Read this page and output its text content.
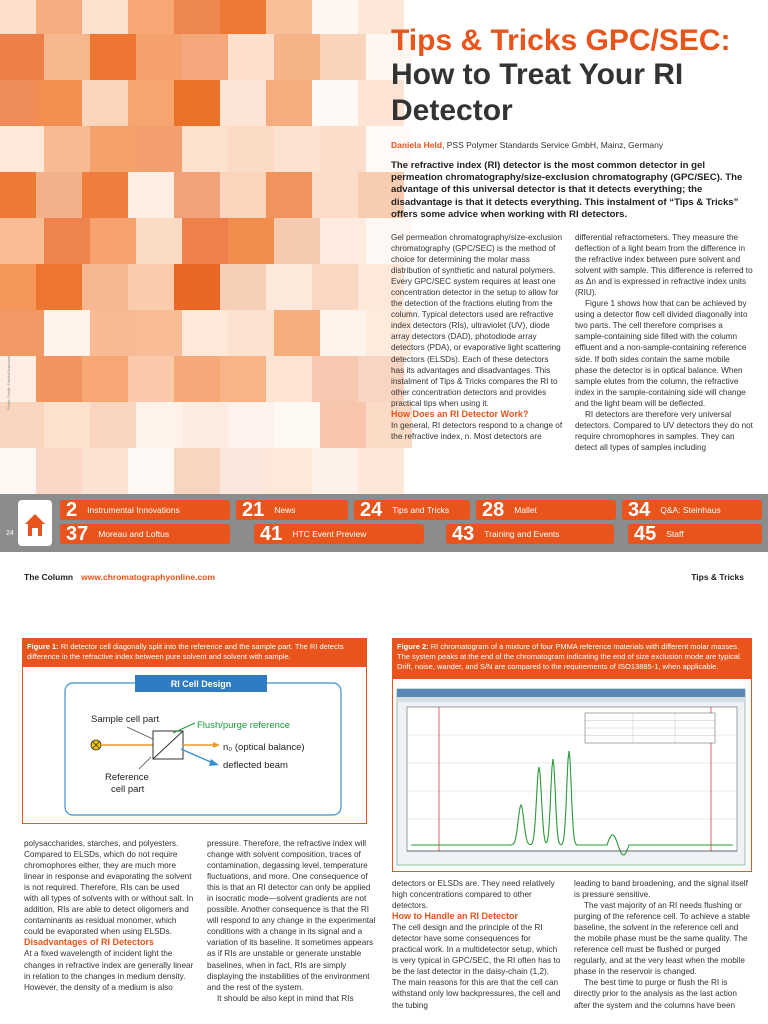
Photo Credit: Fotolia/Unknown
Tips & Tricks GPC/SEC:
How to Treat Your RI
Detector
Daniela Held, PSS Polymer Standards Service GmbH, Mainz, Germany
The refractive index (RI) detector is the most common detector in gel permeation chromatography/size-exclusion chromatography (GPC/SEC). The advantage of this universal detector is that it detects everything; the disadvantage is that it detects everything. This instalment of “Tips & Tricks” offers some advice when working with RI detectors.

Gel permeation chromatography/size-exclusion chromatography (GPC/SEC) is the method of choice for determining the molar mass distribution of synthetic and natural polymers. Every GPC/SEC system requires at least one concentration detector in the setup to allow for the detection of the fractions eluting from the column. Typical detectors used are refractive index detectors (RIs), ultraviolet (UV), diode array detectors (DAD), photodiode array detectors (PDA), or evaporative light scattering detectors (ELSDs). Each of these detectors has its advantages and disadvantages. This instalment of Tips & Tricks compares the RI to other concentration detectors and provides practical tips when using it.

How Does an RI Detector Work?

In general, RI detectors respond to a change of the refractive index, n. Most detectors are

differential refractometers. They measure the deflection of a light beam from the difference in the refractive index between pure solvent and solvent with sample. This difference is referred to as Δn and is expressed in refractive index units (RIU).

Figure 1 shows how that can be achieved by using a detector flow cell divided diagonally into two parts. The cell therefore comprises a sample-containing side filled with the column effluent and a non-sample-containing reference side. If both sides contain the same mobile phase the detector is in optical balance. When sample elutes from the column, the refractive index in the sample-containing side will change and the light beam will be deflected.

RI detectors are therefore very universal detectors. Compared to UV detectors they do not require chromophores in samples. They can detect all types of samples including

24
2	Instrumental Innovations	21	News	24	Tips and Tricks	28	Mallet	34	Q&A: Steinhaus
37	Moreau and Loftus	41	HTC Event Preview	43	Training and Events	45	Staff
The Column www.chromatographyonline.com	Tips & Tricks
Figure 1: RI detector cell diagonally split into the reference and the sample part. The RI detects difference in the refractive index between pure solvent and solvent with sample.
RI Cell Design
Sample cell part
Flush/purge reference
n₀ (optical balance)
deflected beam
Reference
cell part
Figure 2: RI chromatogram of a mixture of four PMMA reference materials with different molar masses. The system peaks at the end of the chromatogram indicating the end of size exclusion mode are typical. Drift, noise, wander, and S/N are compared to the requirements of ISO13885-1, when applicable.

polysaccharides, starches, and polyesters. Compared to ELSDs, which do not require chromophores either, they are much more linear in response and evaporating the solvent is not required. Therefore, RIs can be used with all types of solvents with or without salt. In addition, RIs are able to detect oligomers and contaminants as residual monomer, which could be evaporated when using ELSDs.

Disadvantages of RI Detectors

At a fixed wavelength of incident light the changes in refractive index are generally linear in relation to the changes in medium density. However, the density of a medium is also

pressure. Therefore, the refractive index will change with solvent composition, traces of contamination, degassing level, temperature fluctuations, and more. One consequence of this is that an RI detector can only be applied in isocratic mode—solvent gradients are not possible. Another consequence is that the RI will respond to any change in the experimental conditions with a change in its signal and a variation of its baseline. It sometimes appears as if RIs are unstable or generate unstable baselines, when in fact, RIs are simply displaying the instabilities of the environment and the rest of the system.

It should be also kept in mind that RIs

detectors or ELSDs are. They need relatively high concentrations compared to other detectors.

How to Handle an RI Detector

The cell design and the principle of the RI detector have some consequences for practical work. In a multidetector setup, which is very typical in GPC/SEC, the RI often has to be the last detector in the daisy-chain (1,2). The main reasons for this are that the cell can withstand only low backpressures, the cell and the tubing

leading to band broadening, and the signal itself is pressure sensitive.

The vast majority of an RI needs flushing or purging of the reference cell. To achieve a stable baseline, the solvent in the reference cell and the mobile phase must be the same quality. The reference cell must be flushed or purged regularly, and at the very least when the mobile phase in the reservoir is changed.

The best time to purge or flush the RI is directly prior to the analysis as the last action after the system and the columns have been
